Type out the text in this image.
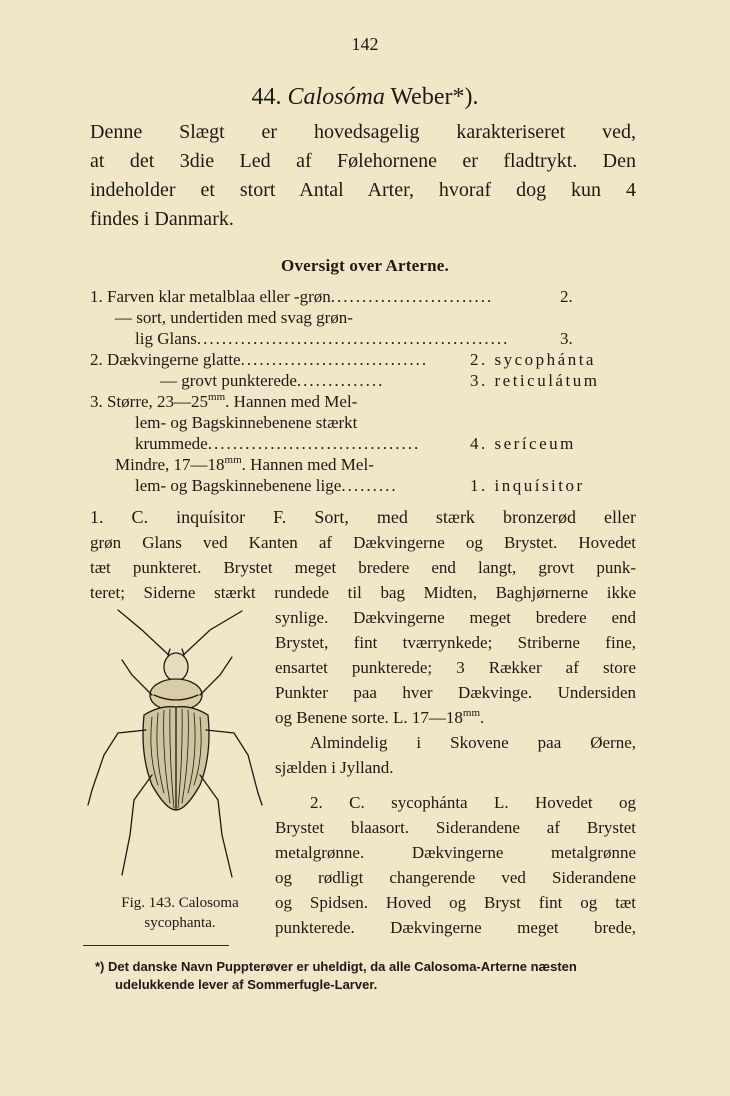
142
44. Calosóma Weber*).
Denne Slægt er hovedsagelig karakteriseret ved,
at det 3die Led af Følehornene er fladtrykt. Den
indeholder et stort Antal Arter, hvoraf dog kun 4
findes i Danmark.
Oversigt over Arterne.
1. Farven klar metalblaa eller -grøn..........................	2.
— sort, undertiden med svag grøn-
lig Glans..................................................	3.
2. Dækvingerne glatte.............................. 2. sycophánta
— grovt punkterede..............	3. reticulátum
3. Større, $23—25^{mm}$. Hannen med Mel-
lem- og Bagskinnebenene stærkt
krummede..................................	4. seríceum
Mindre, $17—18^{mm}$. Hannen med Mel-
lem- og Bagskinnebenene lige.........	1. inquísitor
1. C. inquísitor F. Sort, med stærk bronzerød eller
grøn Glans ved Kanten af Dækvingerne og Brystet. Hovedet
tæt punkteret. Brystet meget bredere end langt, grovt punk-
teret; Siderne stærkt rundede til bag Midten, Baghjørnerne ikke
synlige. Dækvingerne meget bredere end
Brystet, fint tværrynkede; Striberne fine,
ensartet punkterede; 3 Rækker af store
Punkter paa hver Dækvinge. Undersiden
og Benene sorte. L. $17—18^{mm}$.
Almindelig i Skovene paa Øerne,
sjælden i Jylland.
2. C. sycophánta L. Hovedet og
Brystet blaasort. Siderandene af Brystet
metalgrønne. Dækvingerne metalgrønne
og rødligt changerende ved Siderandene
og Spidsen. Hoved og Bryst fint og tæt
punkterede. Dækvingerne meget brede,
Fig. 143. Calosoma
sycophanta.
*) Det danske Navn Puppterøver er uheldigt, da alle Calosoma-Arterne næsten
udelukkende lever af Sommerfugle-Larver.
